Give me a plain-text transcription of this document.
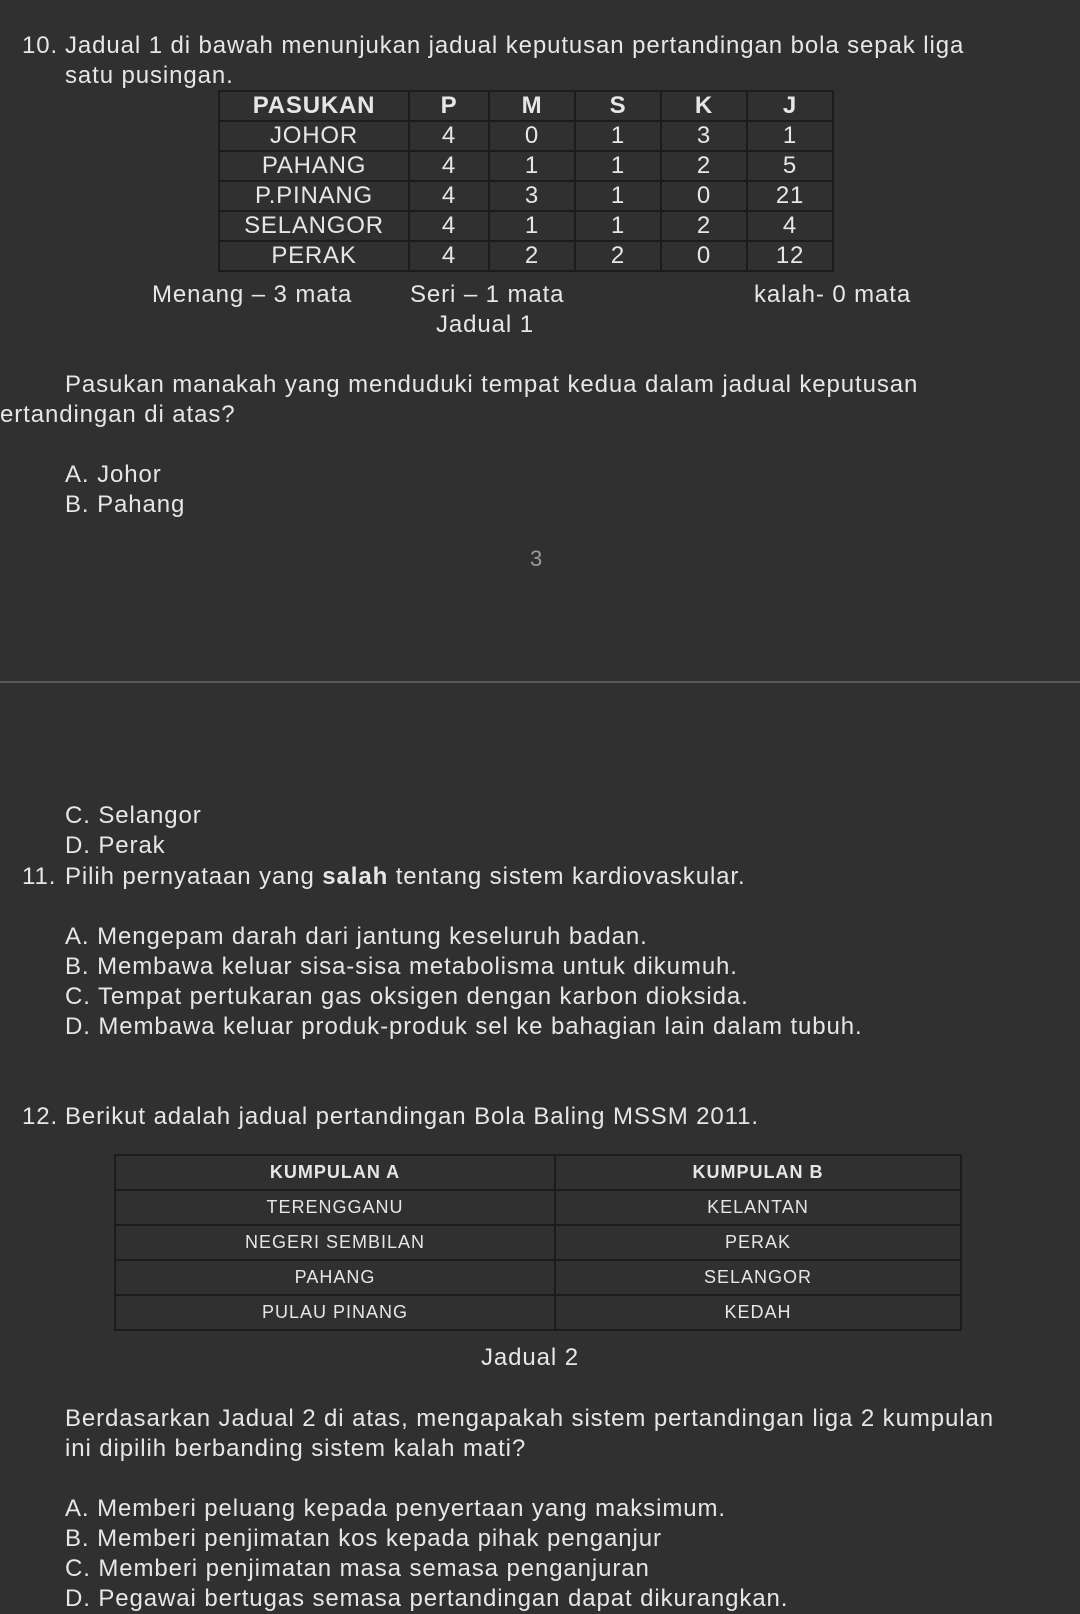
10. Jadual 1 di bawah menunjukan jadual keputusan pertandingan bola sepak liga
satu pusingan.
PASUKAN	P	M	S	K	J
JOHOR	4	0	1	3	1
PAHANG	4	1	1	2	5
P.PINANG	4	3	1	0	21
SELANGOR	4	1	1	2	4
PERAK	4	2	2	0	12
Menang – 3 mata Seri – 1 mata	kalah- 0 mata
Jadual 1
Pasukan manakah yang menduduki tempat kedua dalam jadual keputusan
ertandingan di atas?
A. Johor
B. Pahang
3
C. Selangor
D. Perak
11. Pilih pernyataan yang salah tentang sistem kardiovaskular.
A. Mengepam darah dari jantung keseluruh badan.
B. Membawa keluar sisa-sisa metabolisma untuk dikumuh.
C. Tempat pertukaran gas oksigen dengan karbon dioksida.
D. Membawa keluar produk-produk sel ke bahagian lain dalam tubuh.
12. Berikut adalah jadual pertandingan Bola Baling MSSM 2011.
KUMPULAN A	KUMPULAN B
TERENGGANU	KELANTAN
NEGERI SEMBILAN	PERAK
PAHANG	SELANGOR
PULAU PINANG	KEDAH
Jadual 2
Berdasarkan Jadual 2 di atas, mengapakah sistem pertandingan liga 2 kumpulan
ini dipilih berbanding sistem kalah mati?
A. Memberi peluang kepada penyertaan yang maksimum.
B. Memberi penjimatan kos kepada pihak penganjur
C. Memberi penjimatan masa semasa penganjuran
D. Pegawai bertugas semasa pertandingan dapat dikurangkan.
